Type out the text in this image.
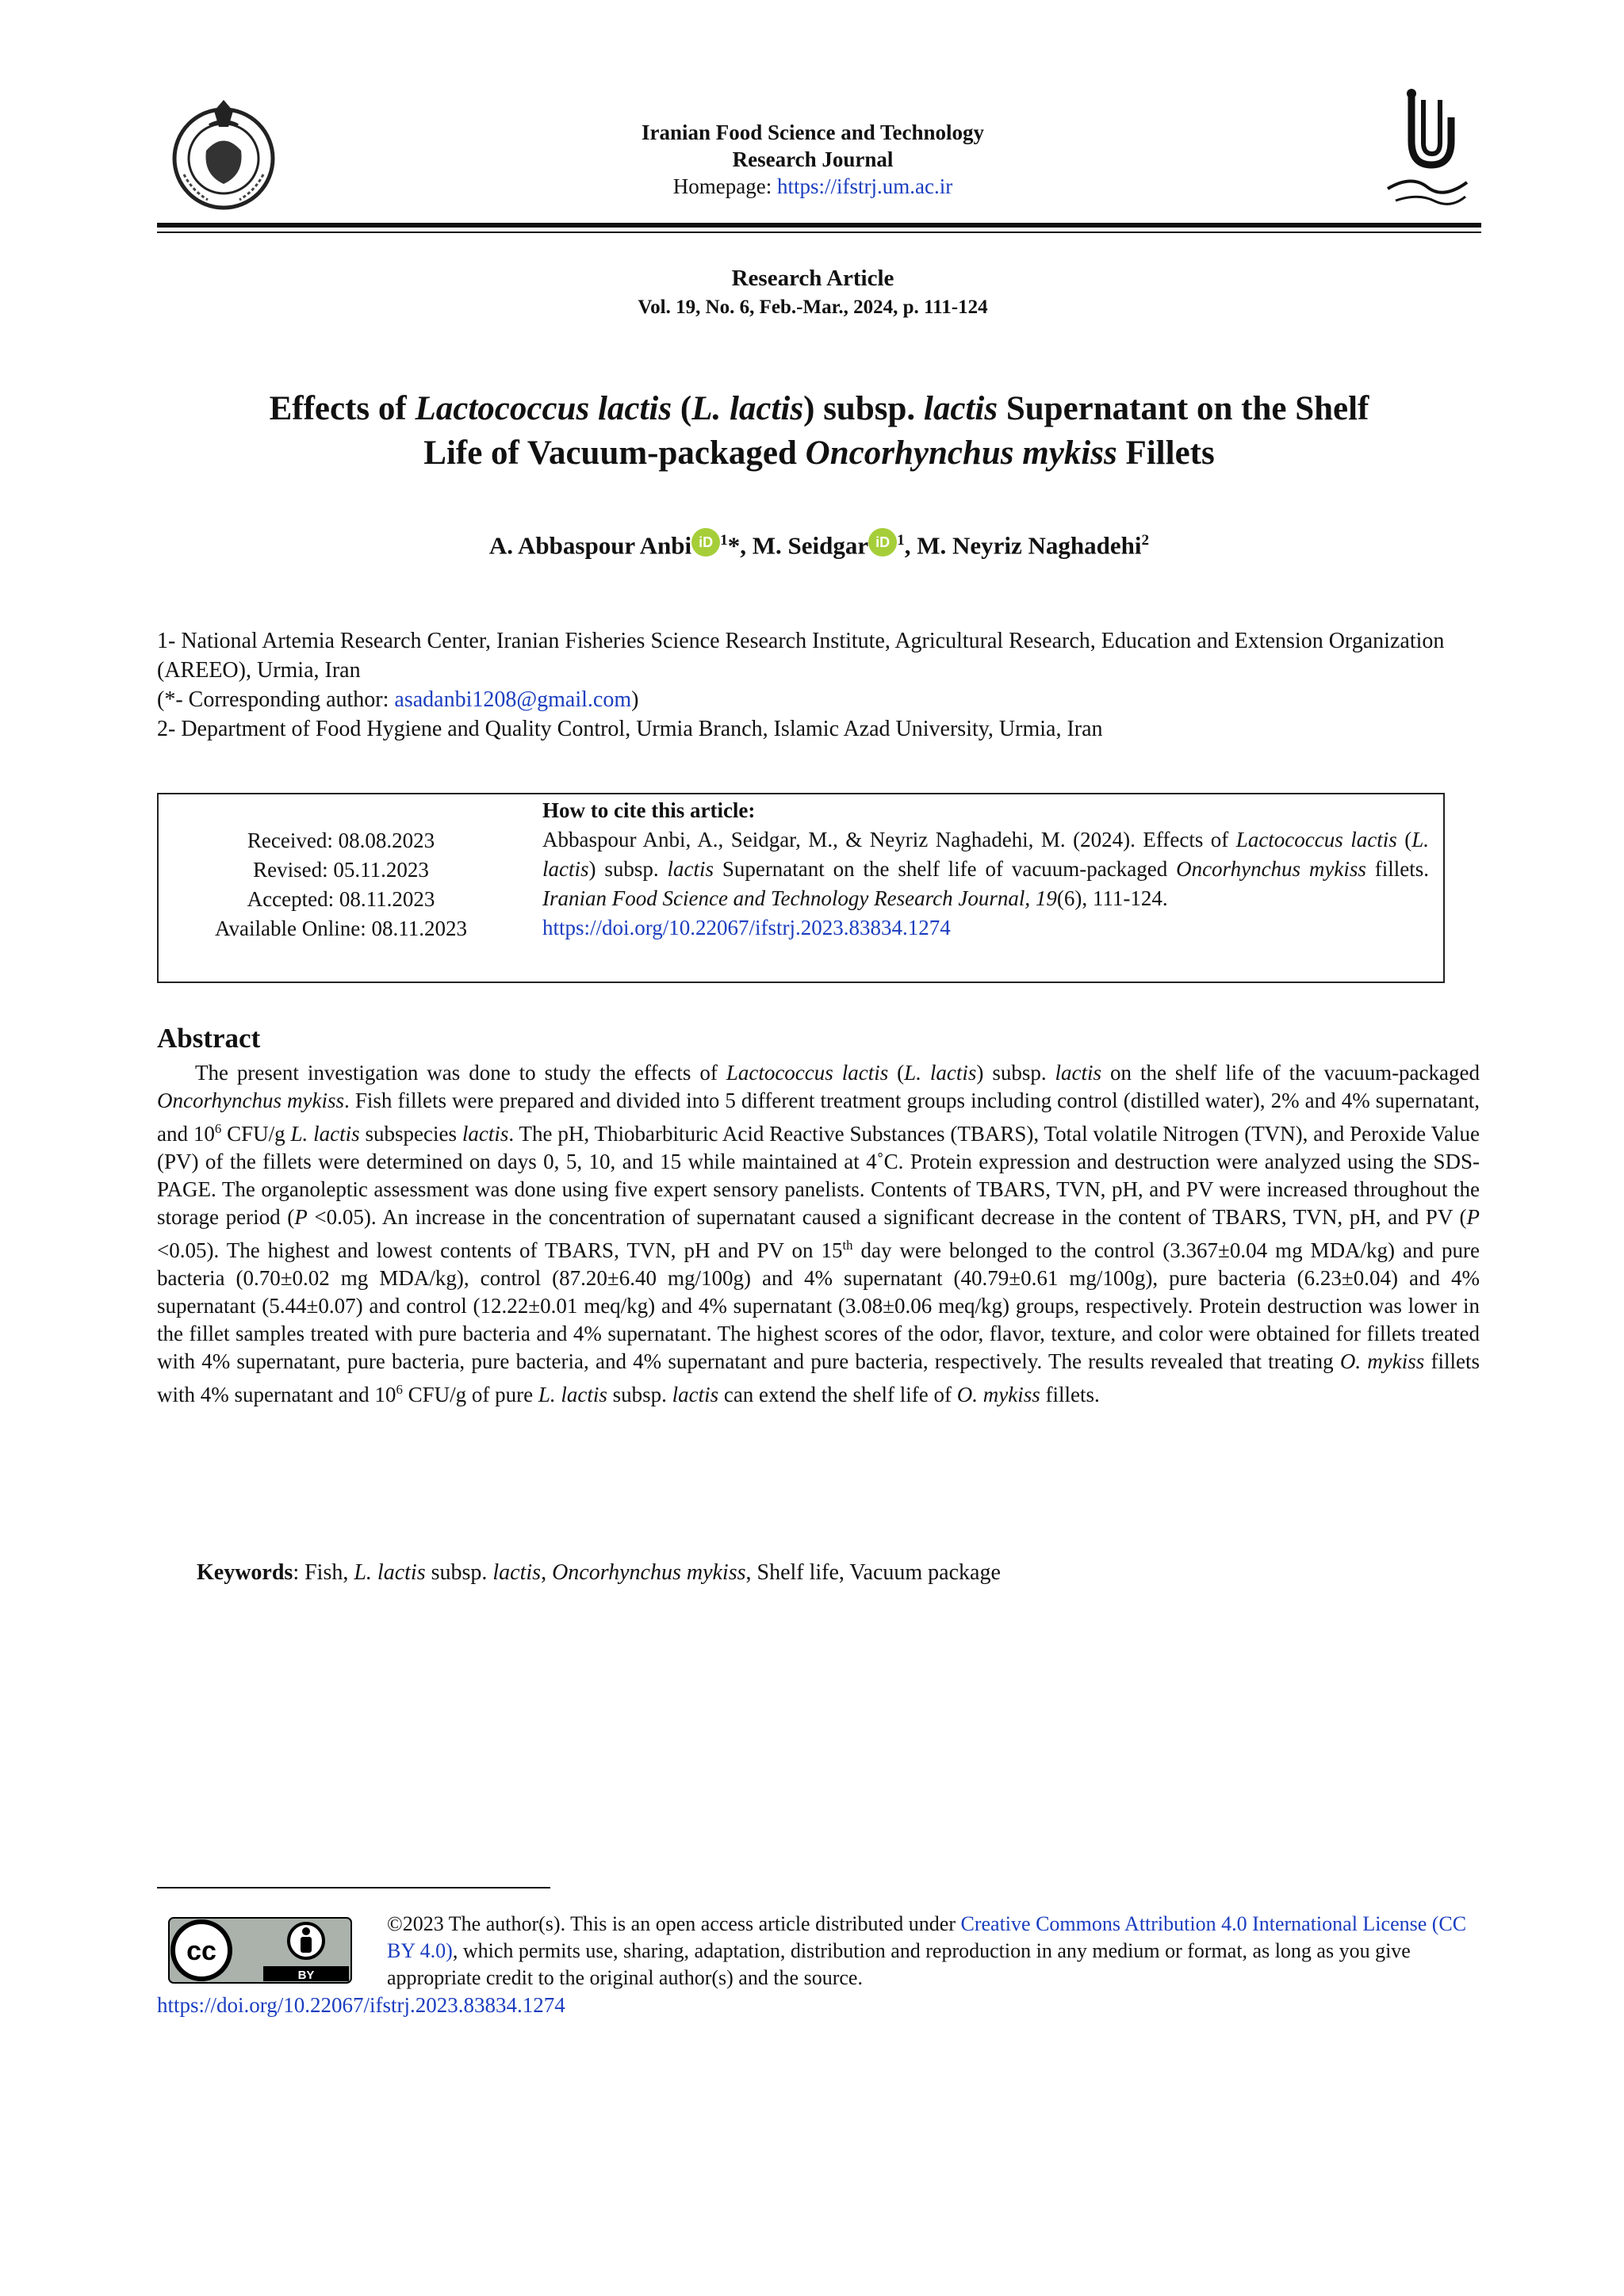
Iranian Food Science and Technology
Research Journal
Homepage: https://ifstrj.um.ac.ir
Research Article
Vol. 19, No. 6, Feb.-Mar., 2024, p. 111-124
Effects of Lactococcus lactis (L. lactis) subsp. lactis Supernatant on the Shelf
Life of Vacuum-packaged Oncorhynchus mykiss Fillets
A. Abbaspour Anbi iD $^1$*, M. Seidgar iD $^1$, M. Neyriz Naghadehi$^2$

1- National Artemia Research Center, Iranian Fisheries Science Research Institute, Agricultural Research, Education and Extension Organization (AREEO), Urmia, Iran

(*- Corresponding author: asadanbi1208@gmail.com)

2- Department of Food Hygiene and Quality Control, Urmia Branch, Islamic Azad University, Urmia, Iran

Received: 08.08.2023
Revised: 05.11.2023
Accepted: 08.11.2023
Available Online: 08.11.2023
How to cite this article:
Abbaspour Anbi, A., Seidgar, M., & Neyriz Naghadehi, M. (2024). Effects of Lactococcus lactis (L. lactis) subsp. lactis Supernatant on the shelf life of vacuum-packaged Oncorhynchus mykiss fillets. Iranian Food Science and Technology Research Journal, 19(6), 111-124.
https://doi.org/10.22067/ifstrj.2023.83834.1274
Abstract
The present investigation was done to study the effects of Lactococcus lactis (L. lactis) subsp. lactis on the shelf life of the vacuum-packaged Oncorhynchus mykiss. Fish fillets were prepared and divided into 5 different treatment groups including control (distilled water), 2% and 4% supernatant, and $10^6$ CFU/g L. lactis subspecies lactis. The pH, Thiobarbituric Acid Reactive Substances (TBARS), Total volatile Nitrogen (TVN), and Peroxide Value (PV) of the fillets were determined on days 0, 5, 10, and 15 while maintained at 4˚C. Protein expression and destruction were analyzed using the SDS-PAGE. The organoleptic assessment was done using five expert sensory panelists. Contents of TBARS, TVN, pH, and PV were increased throughout the storage period (P <0.05). An increase in the concentration of supernatant caused a significant decrease in the content of TBARS, TVN, pH, and PV (P <0.05). The highest and lowest contents of TBARS, TVN, pH and PV on 15th day were belonged to the control (3.367±0.04 mg MDA/kg) and pure bacteria (0.70±0.02 mg MDA/kg), control (87.20±6.40 mg/100g) and 4% supernatant (40.79±0.61 mg/100g), pure bacteria (6.23±0.04) and 4% supernatant (5.44±0.07) and control (12.22±0.01 meq/kg) and 4% supernatant (3.08±0.06 meq/kg) groups, respectively. Protein destruction was lower in the fillet samples treated with pure bacteria and 4% supernatant. The highest scores of the odor, flavor, texture, and color were obtained for fillets treated with 4% supernatant, pure bacteria, pure bacteria, and 4% supernatant and pure bacteria, respectively. The results revealed that treating O. mykiss fillets with 4% supernatant and $10^6$ CFU/g of pure L. lactis subsp. lactis can extend the shelf life of O. mykiss fillets.
Keywords: Fish, L. lactis subsp. lactis, Oncorhynchus mykiss, Shelf life, Vacuum package
cc
BY
©2023 The author(s). This is an open access article distributed under Creative Commons Attribution 4.0 International License (CC BY 4.0), which permits use, sharing, adaptation, distribution and reproduction in any medium or format, as long as you give appropriate credit to the original author(s) and the source.
https://doi.org/10.22067/ifstrj.2023.83834.1274
